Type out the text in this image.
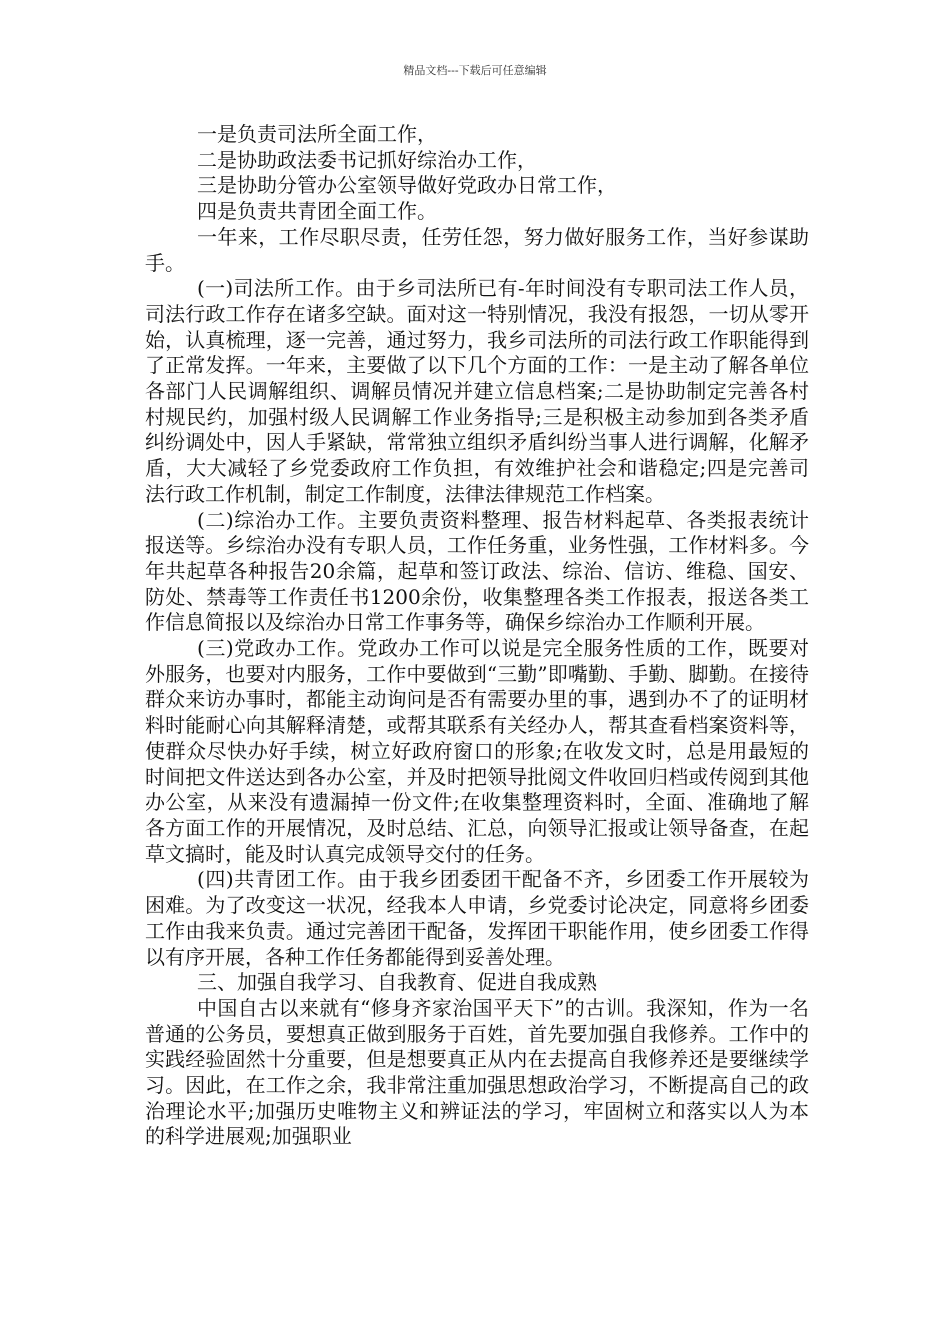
精品文档---下载后可任意编辑

一是负责司法所全面工作，

二是协助政法委书记抓好综治办工作，

三是协助分管办公室领导做好党政办日常工作，

四是负责共青团全面工作。

一年来，工作尽职尽责，任劳任怨，努力做好服务工作，当好参谋助手。

(一)司法所工作。由于乡司法所已有-年时间没有专职司法工作人员，司法行政工作存在诸多空缺。面对这一特别情况，我没有报怨，一切从零开始，认真梳理，逐一完善，通过努力，我乡司法所的司法行政工作职能得到了正常发挥。一年来，主要做了以下几个方面的工作：一是主动了解各单位各部门人民调解组织、调解员情况并建立信息档案;二是协助制定完善各村村规民约，加强村级人民调解工作业务指导;三是积极主动参加到各类矛盾纠纷调处中，因人手紧缺，常常独立组织矛盾纠纷当事人进行调解，化解矛盾，大大减轻了乡党委政府工作负担，有效维护社会和谐稳定;四是完善司法行政工作机制，制定工作制度，法律法律规范工作档案。

(二)综治办工作。主要负责资料整理、报告材料起草、各类报表统计报送等。乡综治办没有专职人员，工作任务重，业务性强，工作材料多。今年共起草各种报告20余篇，起草和签订政法、综治、信访、维稳、国安、防处、禁毒等工作责任书1200余份，收集整理各类工作报表，报送各类工作信息简报以及综治办日常工作事务等，确保乡综治办工作顺利开展。

(三)党政办工作。党政办工作可以说是完全服务性质的工作，既要对外服务，也要对内服务，工作中要做到“三勤”即嘴勤、手勤、脚勤。在接待群众来访办事时，都能主动询问是否有需要办里的事，遇到办不了的证明材料时能耐心向其解释清楚，或帮其联系有关经办人，帮其查看档案资料等，使群众尽快办好手续，树立好政府窗口的形象;在收发文时，总是用最短的时间把文件送达到各办公室，并及时把领导批阅文件收回归档或传阅到其他办公室，从来没有遗漏掉一份文件;在收集整理资料时，全面、准确地了解各方面工作的开展情况，及时总结、汇总，向领导汇报或让领导备查，在起草文搞时，能及时认真完成领导交付的任务。

(四)共青团工作。由于我乡团委团干配备不齐，乡团委工作开展较为困难。为了改变这一状况，经我本人申请，乡党委讨论决定，同意将乡团委工作由我来负责。通过完善团干配备，发挥团干职能作用，使乡团委工作得以有序开展，各种工作任务都能得到妥善处理。

三、加强自我学习、自我教育、促进自我成熟

中国自古以来就有“修身齐家治国平天下”的古训。我深知，作为一名普通的公务员，要想真正做到服务于百姓，首先要加强自我修养。工作中的实践经验固然十分重要，但是想要真正从内在去提高自我修养还是要继续学习。因此，在工作之余，我非常注重加强思想政治学习，不断提高自己的政治理论水平;加强历史唯物主义和辨证法的学习，牢固树立和落实以人为本的科学进展观;加强职业
